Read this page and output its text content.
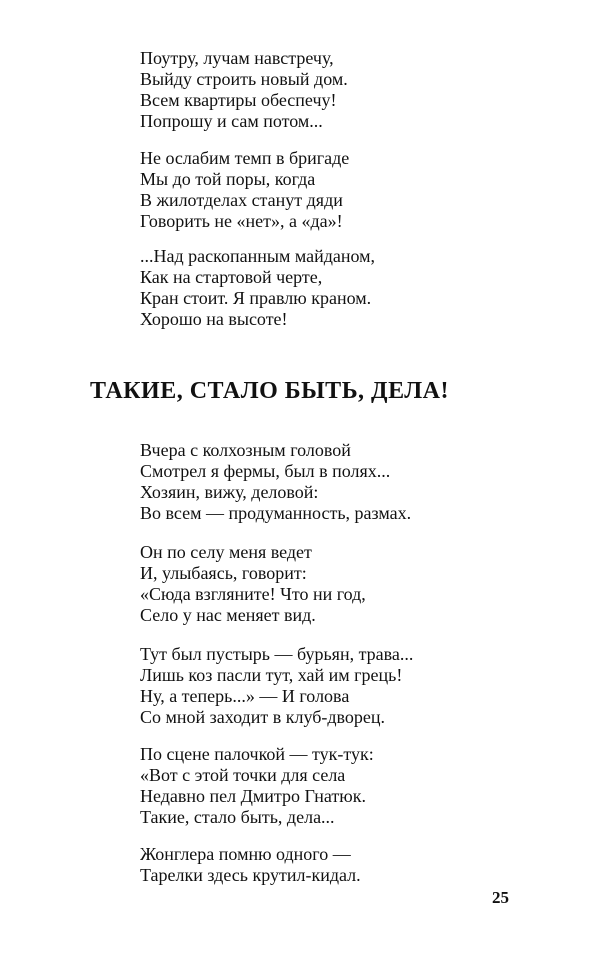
Поутру, лучам навстречу,
Выйду строить новый дом.
Всем квартиры обеспечу!
Попрошу и сам потом...
Не ослабим темп в бригаде
Мы до той поры, когда
В жилотделах станут дяди
Говорить не «нет», а «да»!
...Над раскопанным майданом,
Как на стартовой черте,
Кран стоит. Я правлю краном.
Хорошо на высоте!
ТАКИЕ, СТАЛО БЫТЬ, ДЕЛА!
Вчера с колхозным головой
Смотрел я фермы, был в полях...
Хозяин, вижу, деловой:
Во всем — продуманность, размах.
Он по селу меня ведет
И, улыбаясь, говорит:
«Сюда взгляните! Что ни год,
Село у нас меняет вид.
Тут был пустырь — бурьян, трава...
Лишь коз пасли тут, хай им грець!
Ну, а теперь...» — И голова
Со мной заходит в клуб-дворец.
По сцене палочкой — тук-тук:
«Вот с этой точки для села
Недавно пел Дмитро Гнатюк.
Такие, стало быть, дела...
Жонглера помню одного —
Тарелки здесь крутил-кидал.
25
